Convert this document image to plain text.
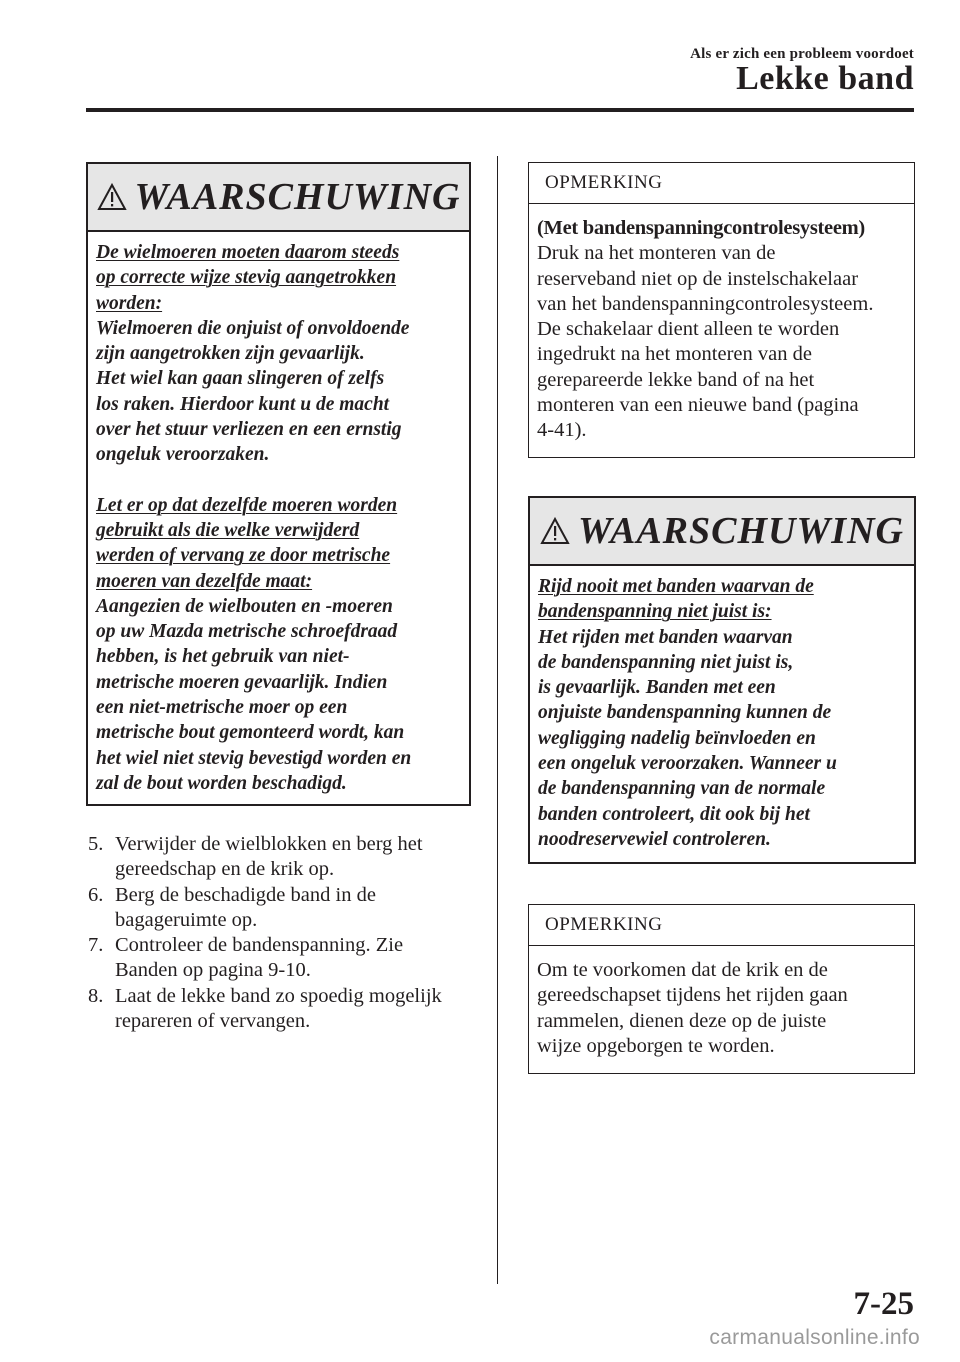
Als er zich een probleem voordoet
Lekke band
WAARSCHUWING

De wielmoeren moeten daarom steeds

op correcte wijze stevig aangetrokken

worden:

Wielmoeren die onjuist of onvoldoende

zijn aangetrokken zijn gevaarlijk.

Het wiel kan gaan slingeren of zelfs

los raken. Hierdoor kunt u de macht

over het stuur verliezen en een ernstig

ongeluk veroorzaken.

Let er op dat dezelfde moeren worden

gebruikt als die welke verwijderd

werden of vervang ze door metrische

moeren van dezelfde maat:

Aangezien de wielbouten en -moeren

op uw Mazda metrische schroefdraad

hebben, is het gebruik van niet-

metrische moeren gevaarlijk. Indien

een niet-metrische moer op een

metrische bout gemonteerd wordt, kan

het wiel niet stevig bevestigd worden en

zal de bout worden beschadigd.

5. Verwijder de wielblokken en berg het
gereedschap en de krik op.
6. Berg de beschadigde band in de
bagageruimte op.
7. Controleer de bandenspanning. Zie
Banden op pagina 9-10.
8. Laat de lekke band zo spoedig mogelijk
repareren of vervangen.
OPMERKING

(Met bandenspanningcontrolesysteem)

Druk na het monteren van de

reserveband niet op de instelschakelaar

van het bandenspanningcontrolesysteem.

De schakelaar dient alleen te worden

ingedrukt na het monteren van de

gerepareerde lekke band of na het

monteren van een nieuwe band (pagina

4-41).

WAARSCHUWING

Rijd nooit met banden waarvan de

bandenspanning niet juist is:

Het rijden met banden waarvan

de bandenspanning niet juist is,

is gevaarlijk. Banden met een

onjuiste bandenspanning kunnen de

wegligging nadelig beïnvloeden en

een ongeluk veroorzaken. Wanneer u

de bandenspanning van de normale

banden controleert, dit ook bij het

noodreservewiel controleren.

OPMERKING

Om te voorkomen dat de krik en de

gereedschapset tijdens het rijden gaan

rammelen, dienen deze op de juiste

wijze opgeborgen te worden.

7-25
carmanualsonline.info
